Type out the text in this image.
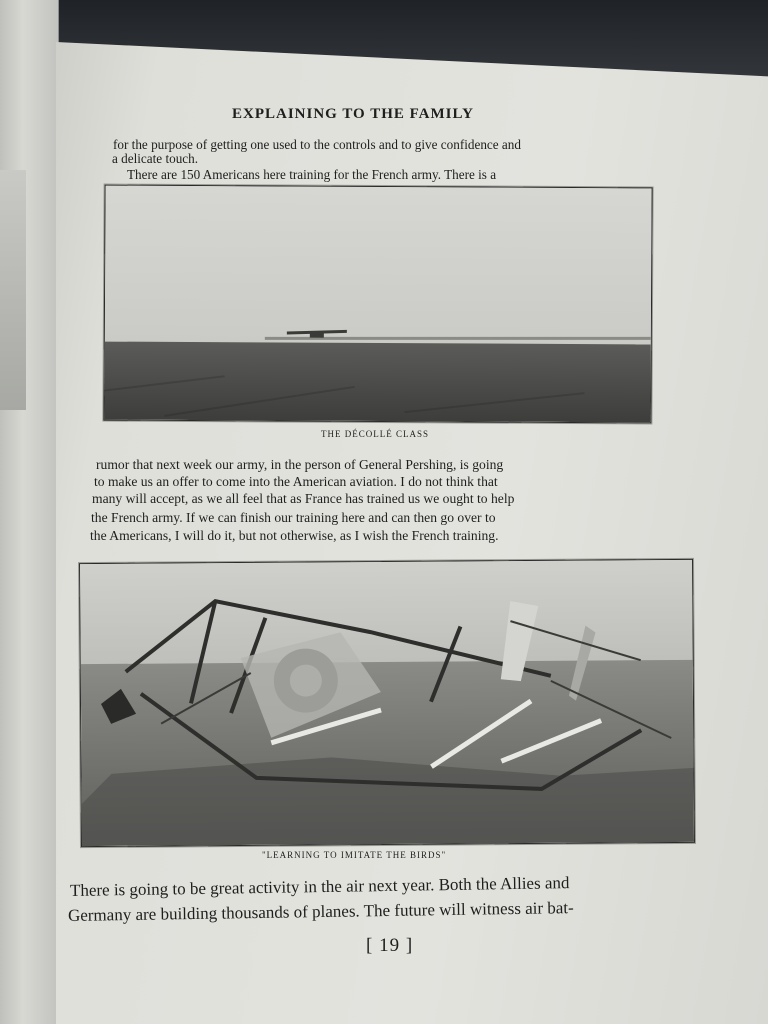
EXPLAINING TO THE FAMILY
for the purpose of getting one used to the controls and to give confidence and
a delicate touch.
There are 150 Americans here training for the French army. There is a
THE DÉCOLLÉ CLASS
rumor that next week our army, in the person of General Pershing, is going
to make us an offer to come into the American aviation. I do not think that
many will accept, as we all feel that as France has trained us we ought to help
the French army. If we can finish our training here and can then go over to
the Americans, I will do it, but not otherwise, as I wish the French training.
"LEARNING TO IMITATE THE BIRDS"
There is going to be great activity in the air next year. Both the Allies and
Germany are building thousands of planes. The future will witness air bat-
[ 19 ]
